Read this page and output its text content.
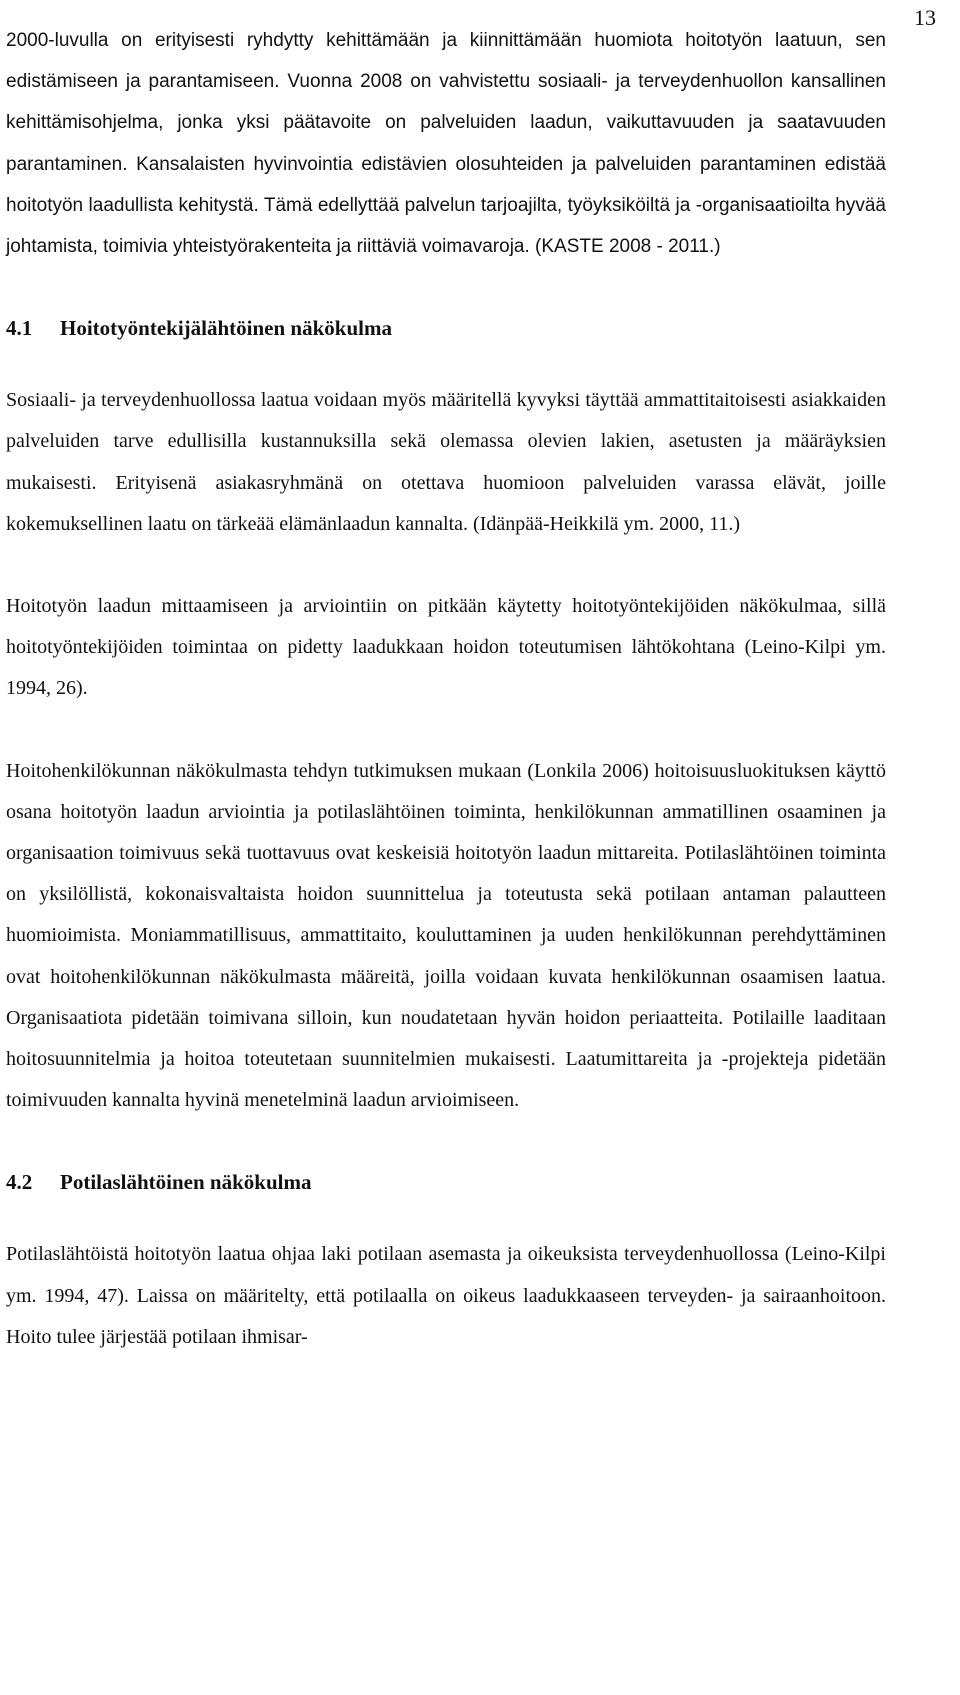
13

2000-luvulla on erityisesti ryhdytty kehittämään ja kiinnittämään huomiota hoitotyön laatuun, sen edistämiseen ja parantamiseen. Vuonna 2008 on vahvistettu sosiaali- ja terveydenhuollon kansallinen kehittämisohjelma, jonka yksi päätavoite on palveluiden laadun, vaikuttavuuden ja saatavuuden parantaminen. Kansalaisten hyvinvointia edistävien olosuhteiden ja palveluiden parantaminen edistää hoitotyön laadullista kehitystä. Tämä edellyttää palvelun tarjoajilta, työyksiköiltä ja -organisaatioilta hyvää johtamista, toimivia yhteistyörakenteita ja riittäviä voimavaroja. (KASTE 2008 - 2011.)

4.1 Hoitotyöntekijälähtöinen näkökulma

Sosiaali- ja terveydenhuollossa laatua voidaan myös määritellä kyvyksi täyttää ammattitaitoisesti asiakkaiden palveluiden tarve edullisilla kustannuksilla sekä olemassa olevien lakien, asetusten ja määräyksien mukaisesti. Erityisenä asiakasryhmänä on otettava huomioon palveluiden varassa elävät, joille kokemuksellinen laatu on tärkeää elämänlaadun kannalta. (Idänpää-Heikkilä ym. 2000, 11.)

Hoitotyön laadun mittaamiseen ja arviointiin on pitkään käytetty hoitotyöntekijöiden näkökulmaa, sillä hoitotyöntekijöiden toimintaa on pidetty laadukkaan hoidon toteutumisen lähtökohtana (Leino-Kilpi ym. 1994, 26).

Hoitohenkilökunnan näkökulmasta tehdyn tutkimuksen mukaan (Lonkila 2006) hoitoisuusluokituksen käyttö osana hoitotyön laadun arviointia ja potilaslähtöinen toiminta, henkilökunnan ammatillinen osaaminen ja organisaation toimivuus sekä tuottavuus ovat keskeisiä hoitotyön laadun mittareita. Potilaslähtöinen toiminta on yksilöllistä, kokonaisvaltaista hoidon suunnittelua ja toteutusta sekä potilaan antaman palautteen huomioimista. Moniammatillisuus, ammattitaito, kouluttaminen ja uuden henkilökunnan perehdyttäminen ovat hoitohenkilökunnan näkökulmasta määreitä, joilla voidaan kuvata henkilökunnan osaamisen laatua. Organisaatiota pidetään toimivana silloin, kun noudatetaan hyvän hoidon periaatteita. Potilaille laaditaan hoitosuunnitelmia ja hoitoa toteutetaan suunnitelmien mukaisesti. Laatumittareita ja -projekteja pidetään toimivuuden kannalta hyvinä menetelminä laadun arvioimiseen.

4.2 Potilaslähtöinen näkökulma

Potilaslähtöistä hoitotyön laatua ohjaa laki potilaan asemasta ja oikeuksista terveydenhuollossa (Leino-Kilpi ym. 1994, 47). Laissa on määritelty, että potilaalla on oikeus laadukkaaseen terveyden- ja sairaanhoitoon. Hoito tulee järjestää potilaan ihmisar-
